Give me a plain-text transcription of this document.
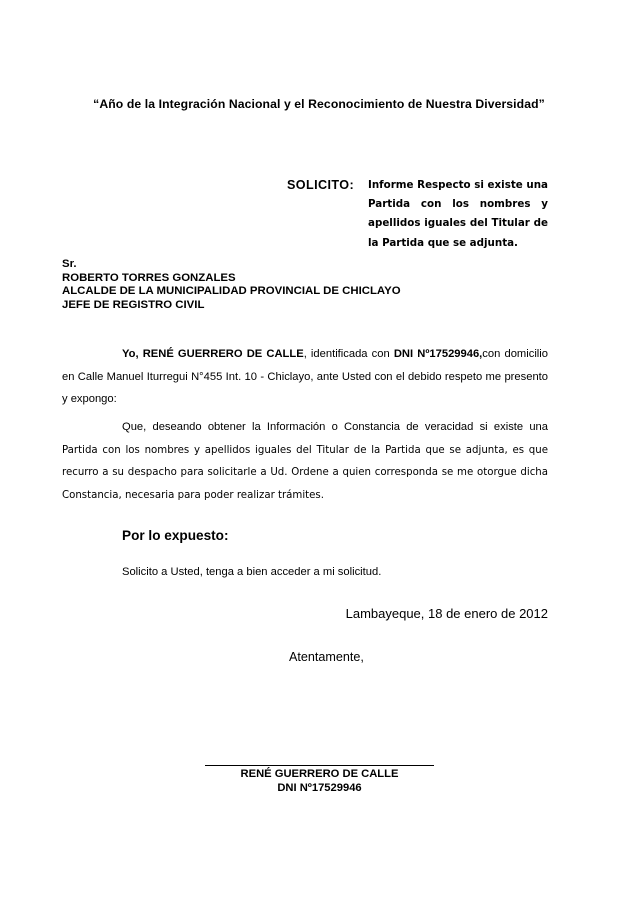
“Año de la Integración Nacional y el Reconocimiento de Nuestra Diversidad”
SOLICITO: Informe Respecto si existe una Partida con los nombres y apellidos iguales del Titular de la Partida que se adjunta.
Sr.
ROBERTO TORRES GONZALES
ALCALDE DE LA MUNICIPALIDAD PROVINCIAL DE CHICLAYO
JEFE DE REGISTRO CIVIL
Yo, RENÉ GUERRERO DE CALLE, identificada con DNI Nº17529946,con domicilio en Calle Manuel Iturregui N°455 Int. 10 - Chiclayo, ante Usted con el debido respeto me presento y expongo:
Que, deseando obtener la Información o Constancia de veracidad si existe una Partida con los nombres y apellidos iguales del Titular de la Partida que se adjunta, es que recurro a su despacho para solicitarle a Ud. Ordene a quien corresponda se me otorgue dicha Constancia, necesaria para poder realizar trámites.
Por lo expuesto:
Solicito a Usted, tenga a bien acceder a mi solicitud.
Lambayeque, 18 de enero de 2012
Atentamente,
RENÉ GUERRERO DE CALLE
DNI Nº17529946
